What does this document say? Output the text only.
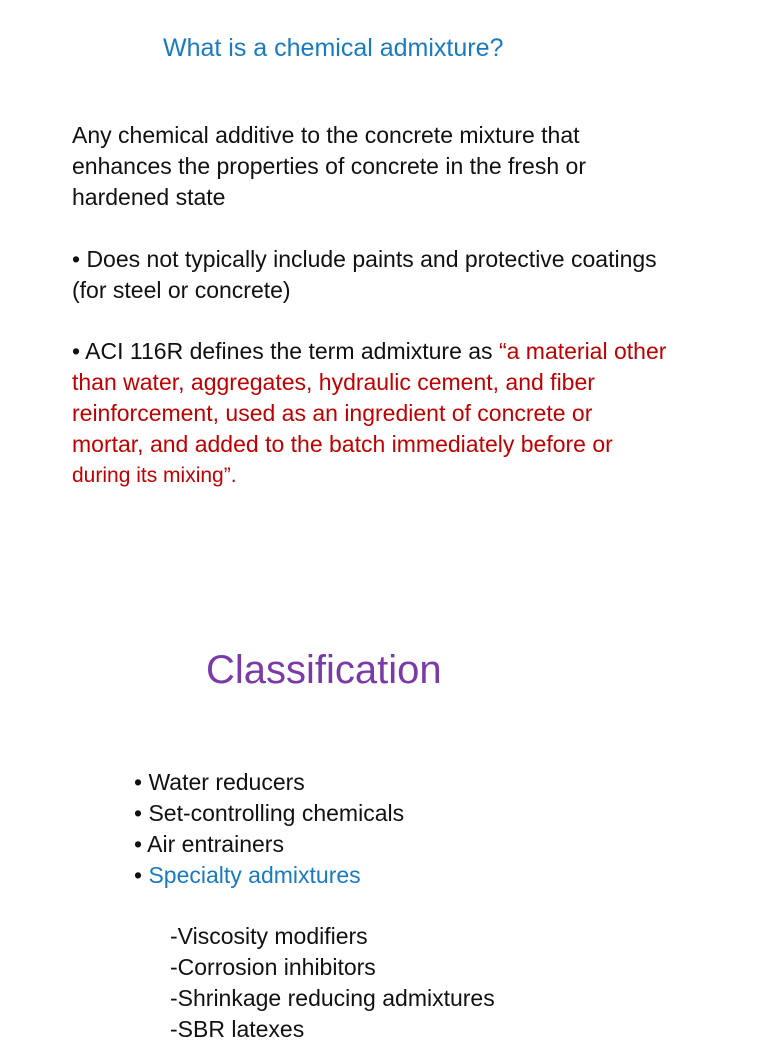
What is a chemical admixture?
Any chemical additive to the concrete mixture that
enhances the properties of concrete in the fresh or
hardened state
• Does not typically include paints and protective coatings
(for steel or concrete)
• ACI 116R defines the term admixture as “a material other
than water, aggregates, hydraulic cement, and fiber
reinforcement, used as an ingredient of concrete or
mortar, and added to the batch immediately before or
during its mixing”.
Classification
• Water reducers
• Set-controlling chemicals
• Air entrainers
• Specialty admixtures
-Viscosity modifiers
-Corrosion inhibitors
-Shrinkage reducing admixtures
-SBR latexes
